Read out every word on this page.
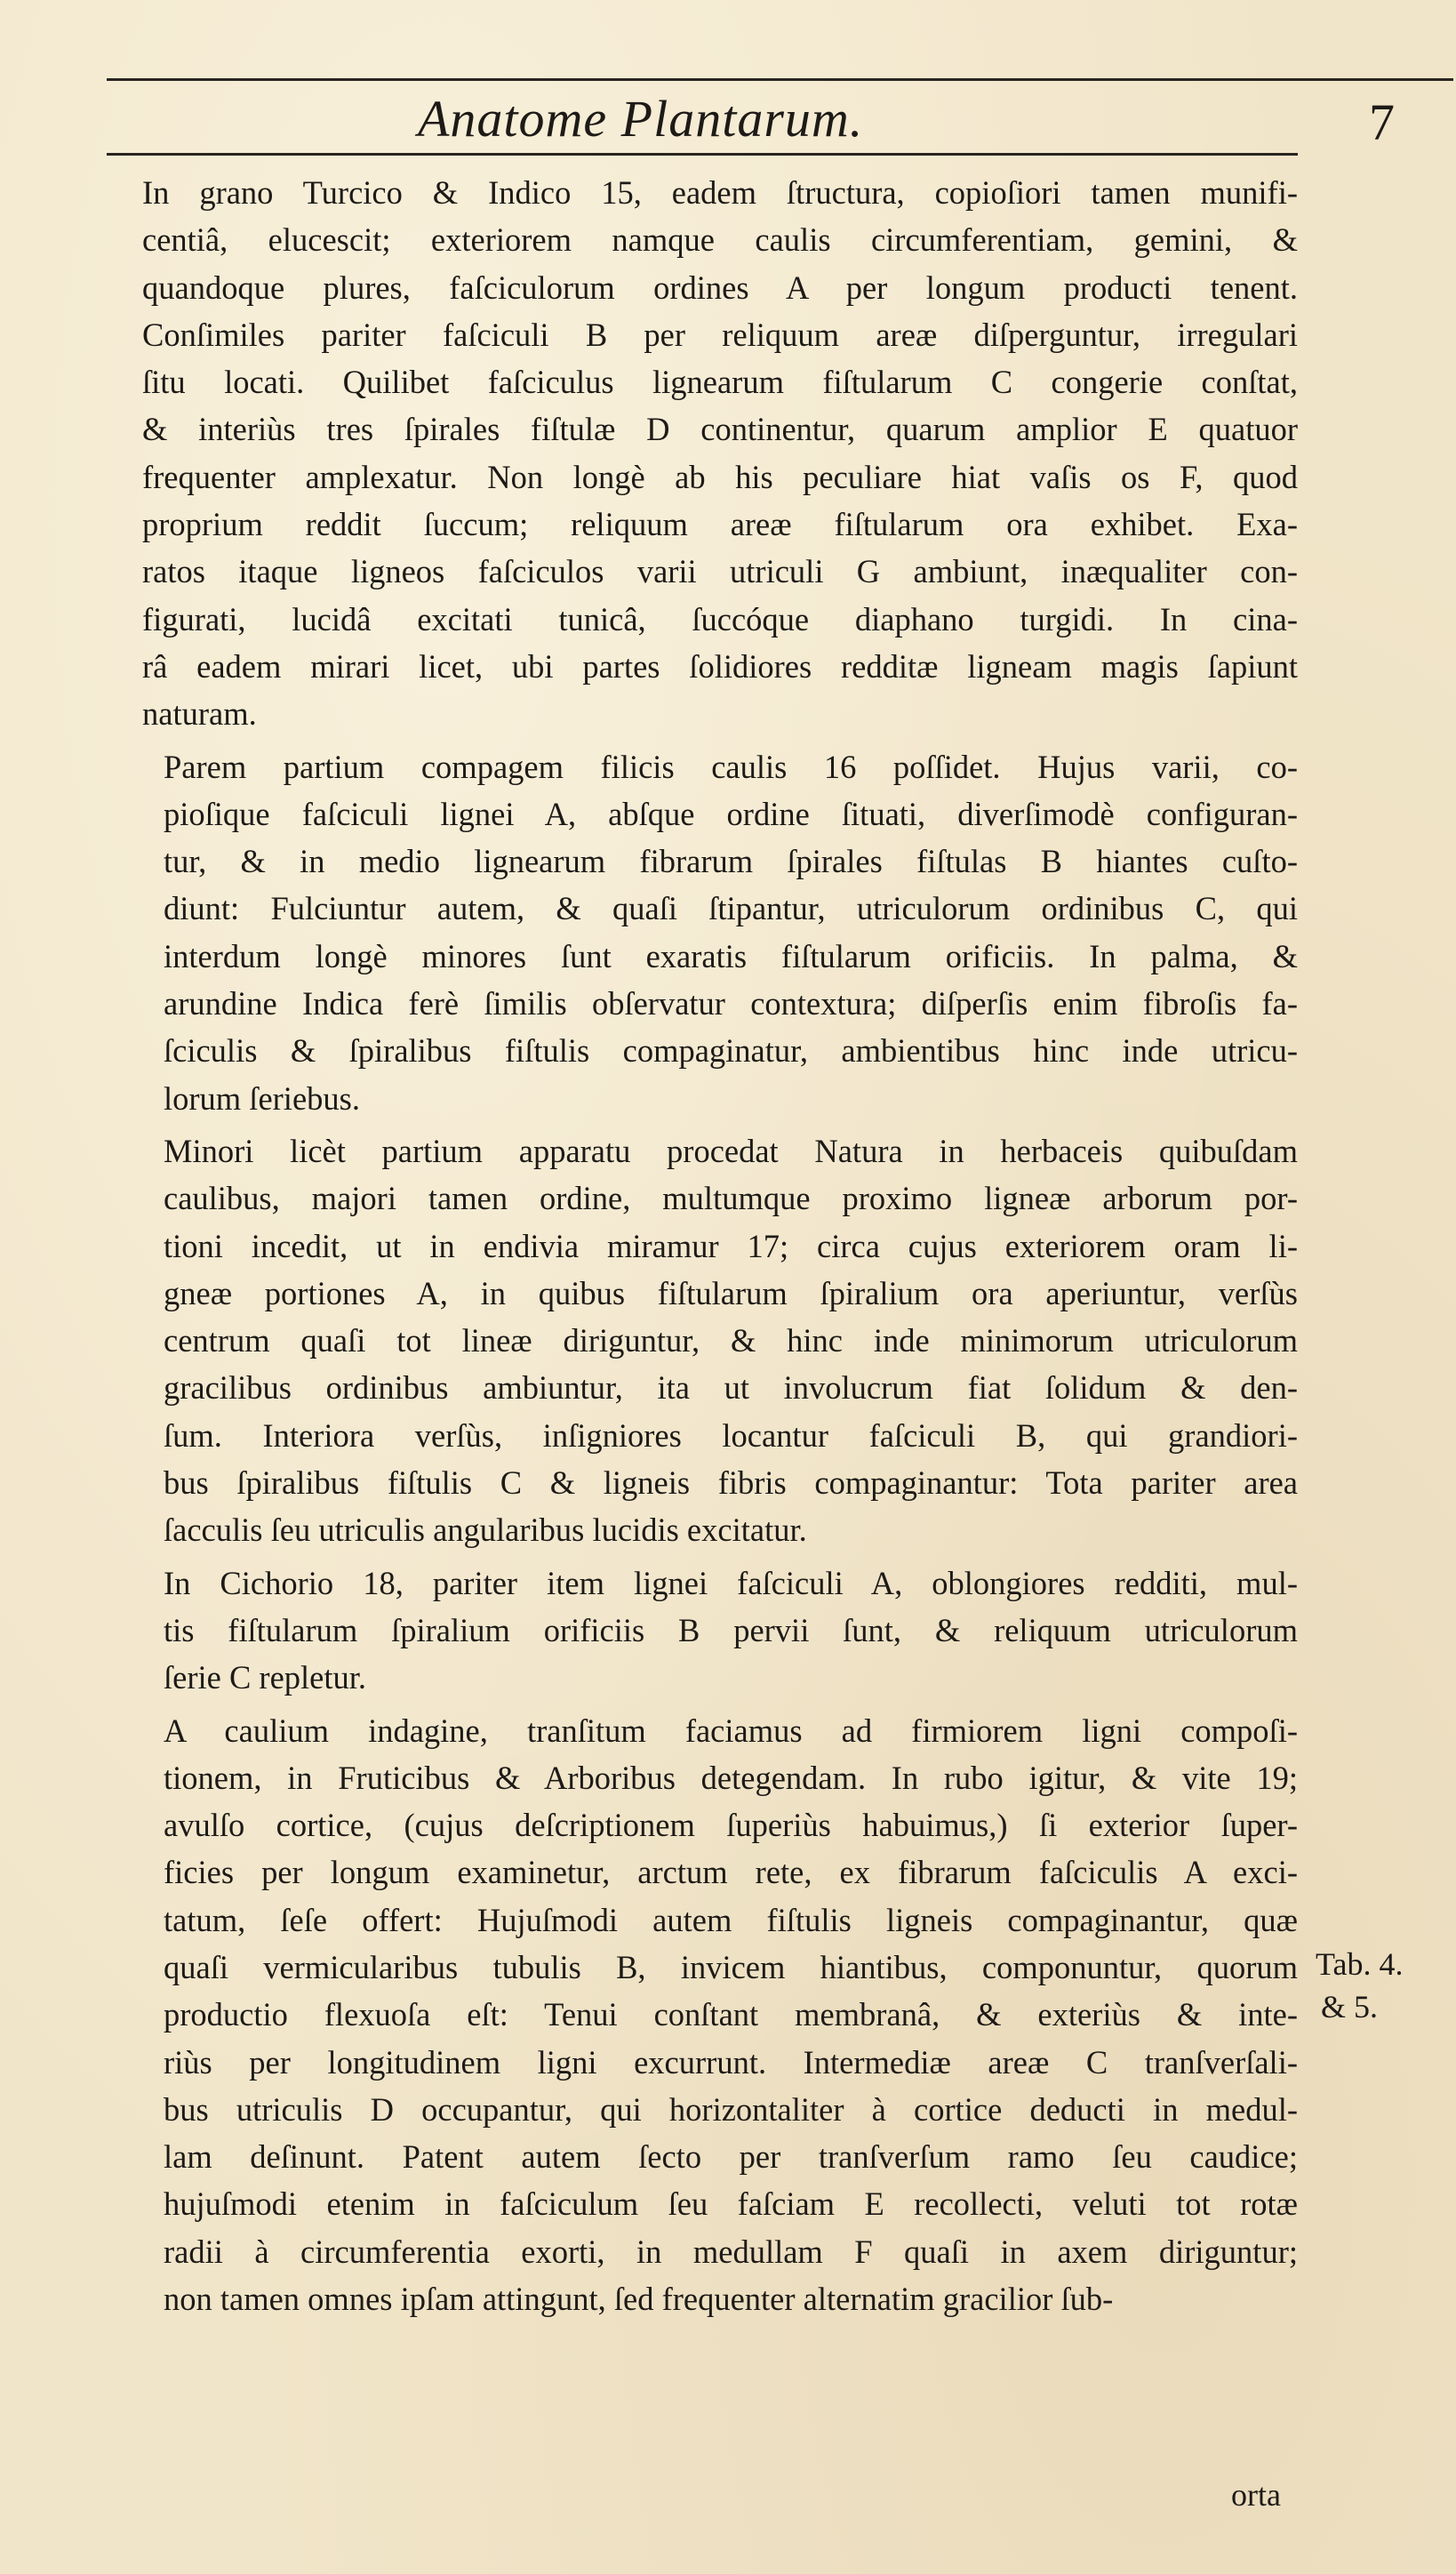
Anatome Plantarum.	7

In grano Turcico & Indico 15, eadem ſtructura, copioſiori tamen munifi-
centiâ, elucescit; exteriorem namque caulis circumferentiam, gemini, &
quandoque plures, faſciculorum ordines A per longum producti tenent.
Conſimiles pariter faſciculi B per reliquum areæ diſperguntur, irregulari
ſitu locati. Quilibet faſciculus lignearum fiſtularum C congerie conſtat,
& interiùs tres ſpirales fiſtulæ D continentur, quarum amplior E quatuor
frequenter amplexatur. Non longè ab his peculiare hiat vaſis os F, quod
proprium reddit ſuccum; reliquum areæ fiſtularum ora exhibet. Exa-
ratos itaque ligneos faſciculos varii utriculi G ambiunt, inæqualiter con-
figurati, lucidâ excitati tunicâ, ſuccóque diaphano turgidi. In cina-
râ eadem mirari licet, ubi partes ſolidiores redditæ ligneam magis ſapiunt
naturam.

Parem partium compagem filicis caulis 16 poſſidet. Hujus varii, co-
pioſique faſciculi lignei A, abſque ordine ſituati, diverſimodè configuran-
tur, & in medio lignearum fibrarum ſpirales fiſtulas B hiantes cuſto-
diunt: Fulciuntur autem, & quaſi ſtipantur, utriculorum ordinibus C, qui
interdum longè minores ſunt exaratis fiſtularum orificiis. In palma, &
arundine Indica ferè ſimilis obſervatur contextura; diſperſis enim fibroſis fa-
ſciculis & ſpiralibus fiſtulis compaginatur, ambientibus hinc inde utricu-
lorum ſeriebus.

Minori licèt partium apparatu procedat Natura in herbaceis quibuſdam
caulibus, majori tamen ordine, multumque proximo ligneæ arborum por-
tioni incedit, ut in endivia miramur 17; circa cujus exteriorem oram li-
gneæ portiones A, in quibus fiſtularum ſpiralium ora aperiuntur, verſùs
centrum quaſi tot lineæ diriguntur, & hinc inde minimorum utriculorum
gracilibus ordinibus ambiuntur, ita ut involucrum fiat ſolidum & den-
ſum. Interiora verſùs, inſigniores locantur faſciculi B, qui grandiori-
bus ſpiralibus fiſtulis C & ligneis fibris compaginantur: Tota pariter area
ſacculis ſeu utriculis angularibus lucidis excitatur.

In Cichorio 18, pariter item lignei faſciculi A, oblongiores redditi, mul-
tis fiſtularum ſpiralium orificiis B pervii ſunt, & reliquum utriculorum
ſerie C repletur.

A caulium indagine, tranſitum faciamus ad firmiorem ligni compoſi-
tionem, in Fruticibus & Arboribus detegendam. In rubo igitur, & vite 19;
avulſo cortice, (cujus deſcriptionem ſuperiùs habuimus,) ſi exterior ſuper-
ficies per longum examinetur, arctum rete, ex fibrarum faſciculis A exci-
tatum, ſeſe offert: Hujuſmodi autem fiſtulis ligneis compaginantur, quæ
quaſi vermicularibus tubulis B, invicem hiantibus, componuntur, quorum
productio flexuoſa eſt: Tenui conſtant membranâ, & exteriùs & inte-
riùs per longitudinem ligni excurrunt. Intermediæ areæ C tranſverſali-
bus utriculis D occupantur, qui horizontaliter à cortice deducti in medul-
lam deſinunt. Patent autem ſecto per tranſverſum ramo ſeu caudice;
hujuſmodi etenim in faſciculum ſeu faſciam E recollecti, veluti tot rotæ
radii à circumferentia exorti, in medullam F quaſi in axem diriguntur;
non tamen omnes ipſam attingunt, ſed frequenter alternatim gracilior ſub-

Tab. 4.
& 5.
orta
